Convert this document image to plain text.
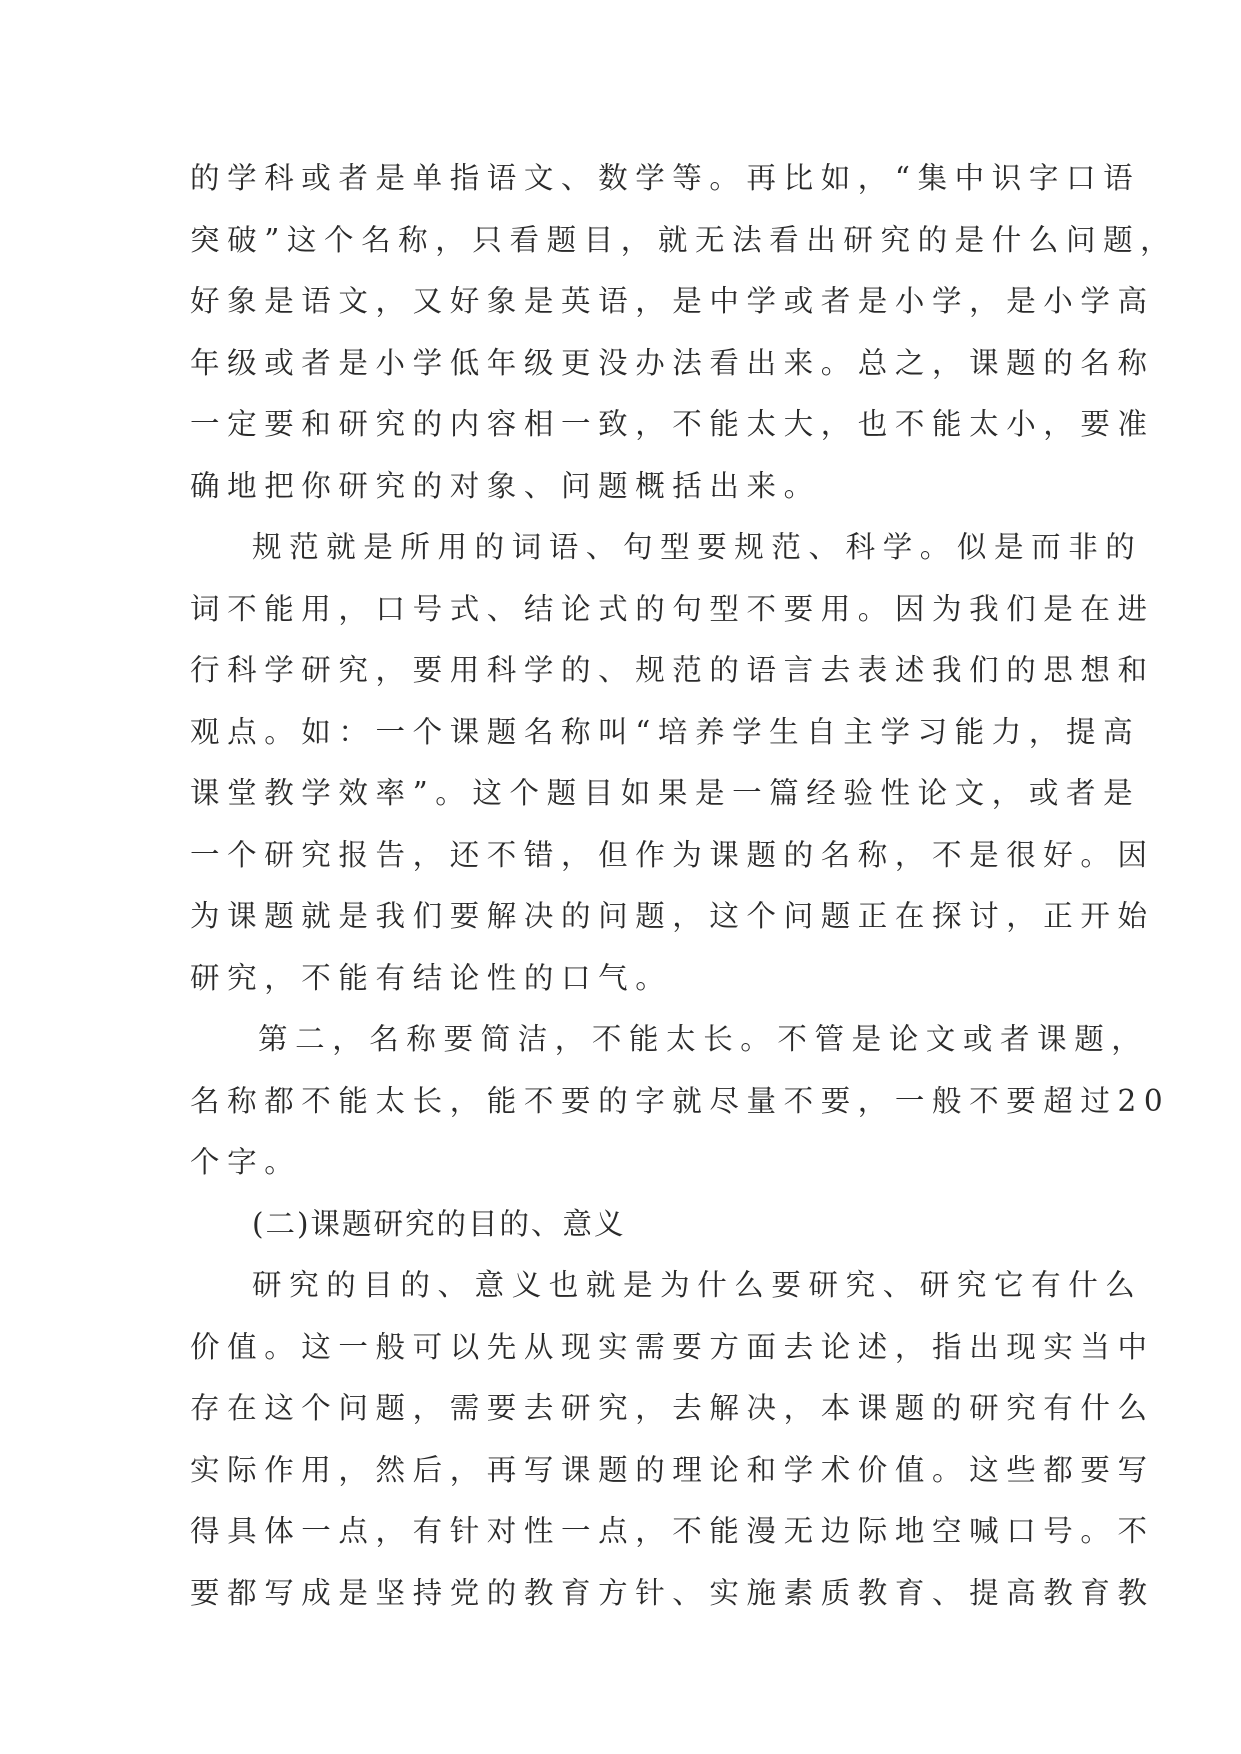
的学科或者是单指语文、数学等。再比如，“集中识字口语
突破”这个名称，只看题目，就无法看出研究的是什么问题，
好象是语文，又好象是英语，是中学或者是小学，是小学高
年级或者是小学低年级更没办法看出来。总之，课题的名称
一定要和研究的内容相一致，不能太大，也不能太小，要准
确地把你研究的对象、问题概括出来。
规范就是所用的词语、句型要规范、科学。似是而非的
词不能用，口号式、结论式的句型不要用。因为我们是在进
行科学研究，要用科学的、规范的语言去表述我们的思想和
观点。如：一个课题名称叫“培养学生自主学习能力，提高
课堂教学效率”。这个题目如果是一篇经验性论文，或者是
一个研究报告，还不错，但作为课题的名称，不是很好。因
为课题就是我们要解决的问题，这个问题正在探讨，正开始
研究，不能有结论性的口气。
第二，名称要简洁，不能太长。不管是论文或者课题，
名称都不能太长，能不要的字就尽量不要，一般不要超过20
个字。
(二)课题研究的目的、意义
研究的目的、意义也就是为什么要研究、研究它有什么
价值。这一般可以先从现实需要方面去论述，指出现实当中
存在这个问题，需要去研究，去解决，本课题的研究有什么
实际作用，然后，再写课题的理论和学术价值。这些都要写
得具体一点，有针对性一点，不能漫无边际地空喊口号。不
要都写成是坚持党的教育方针、实施素质教育、提高教育教
